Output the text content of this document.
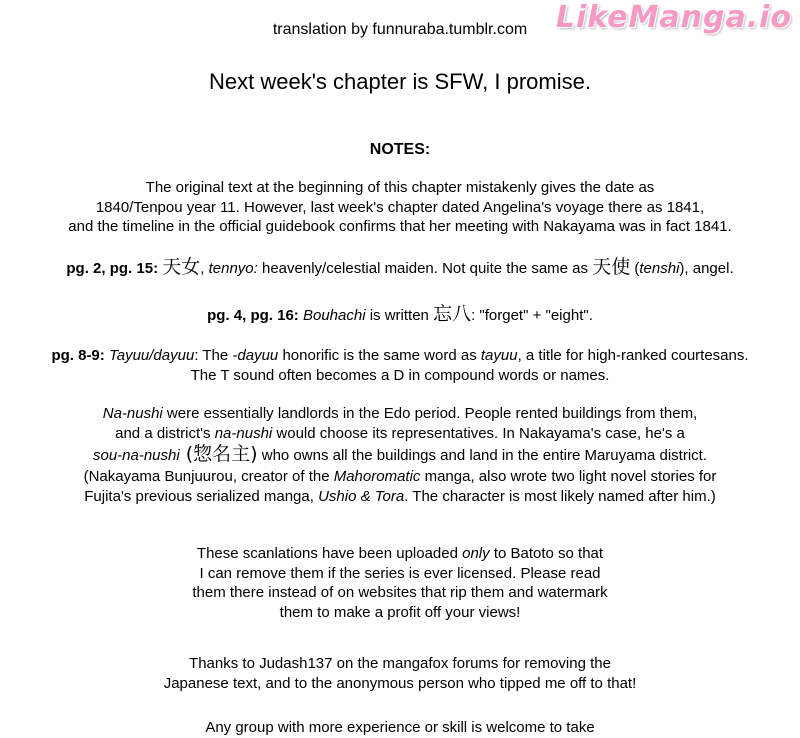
translation by funnuraba.tumblr.com LikeManga.io
Next week's chapter is SFW, I promise.
NOTES:

The original text at the beginning of this chapter mistakenly gives the date as

1840/Tenpou year 11. However, last week's chapter dated Angelina's voyage there as 1841,

and the timeline in the official guidebook confirms that her meeting with Nakayama was in fact 1841.

pg. 2, pg. 15: 天女, tennyo: heavenly/celestial maiden. Not quite the same as 天使 (tenshi), angel.

pg. 4, pg. 16: Bouhachi is written 忘八: "forget" + "eight".

pg. 8-9: Tayuu/dayuu: The -dayuu honorific is the same word as tayuu, a title for high-ranked courtesans.

The T sound often becomes a D in compound words or names.

Na-nushi were essentially landlords in the Edo period. People rented buildings from them,

and a district's na-nushi would choose its representatives. In Nakayama's case, he's a

sou-na-nushi (惣名主) who owns all the buildings and land in the entire Maruyama district.

(Nakayama Bunjuurou, creator of the Mahoromatic manga, also wrote two light novel stories for

Fujita's previous serialized manga, Ushio & Tora. The character is most likely named after him.)

These scanlations have been uploaded only to Batoto so that

I can remove them if the series is ever licensed. Please read

them there instead of on websites that rip them and watermark

them to make a profit off your views!

Thanks to Judash137 on the mangafox forums for removing the

Japanese text, and to the anonymous person who tipped me off to that!

Any group with more experience or skill is welcome to take
